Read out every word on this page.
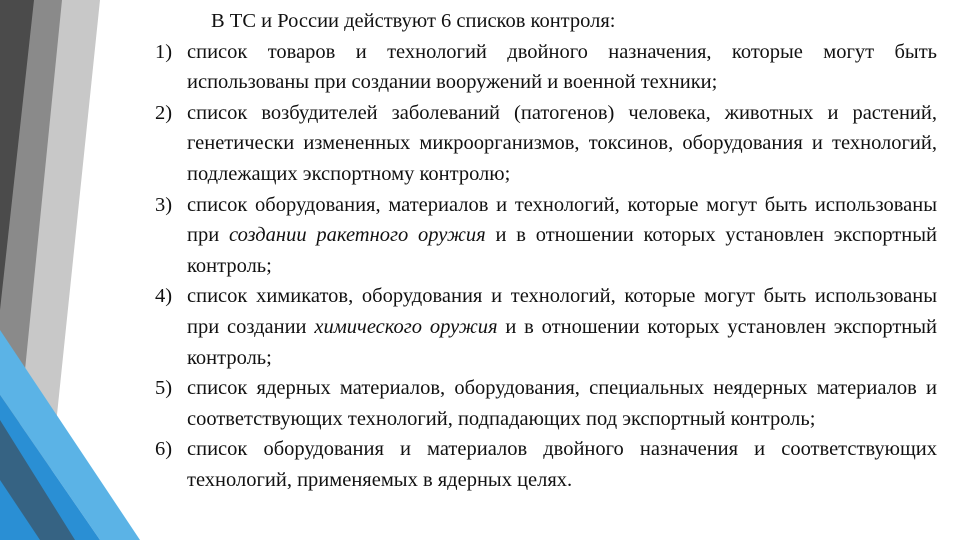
В ТС и России действуют 6 списков контроля:
1) список товаров и технологий двойного назначения, которые могут быть использованы при создании вооружений и военной техники;
2) список возбудителей заболеваний (патогенов) человека, животных и растений, генетически измененных микроорганизмов, токсинов, оборудования и технологий, подлежащих экспортному контролю;
3) список оборудования, материалов и технологий, которые могут быть использованы при создании ракетного оружия и в отношении которых установлен экспортный контроль;
4) список химикатов, оборудования и технологий, которые могут быть использованы при создании химического оружия и в отношении которых установлен экспортный контроль;
5) список ядерных материалов, оборудования, специальных неядерных материалов и соответствующих технологий, подпадающих под экспортный контроль;
6) список оборудования и материалов двойного назначения и соответствующих технологий, применяемых в ядерных целях.
